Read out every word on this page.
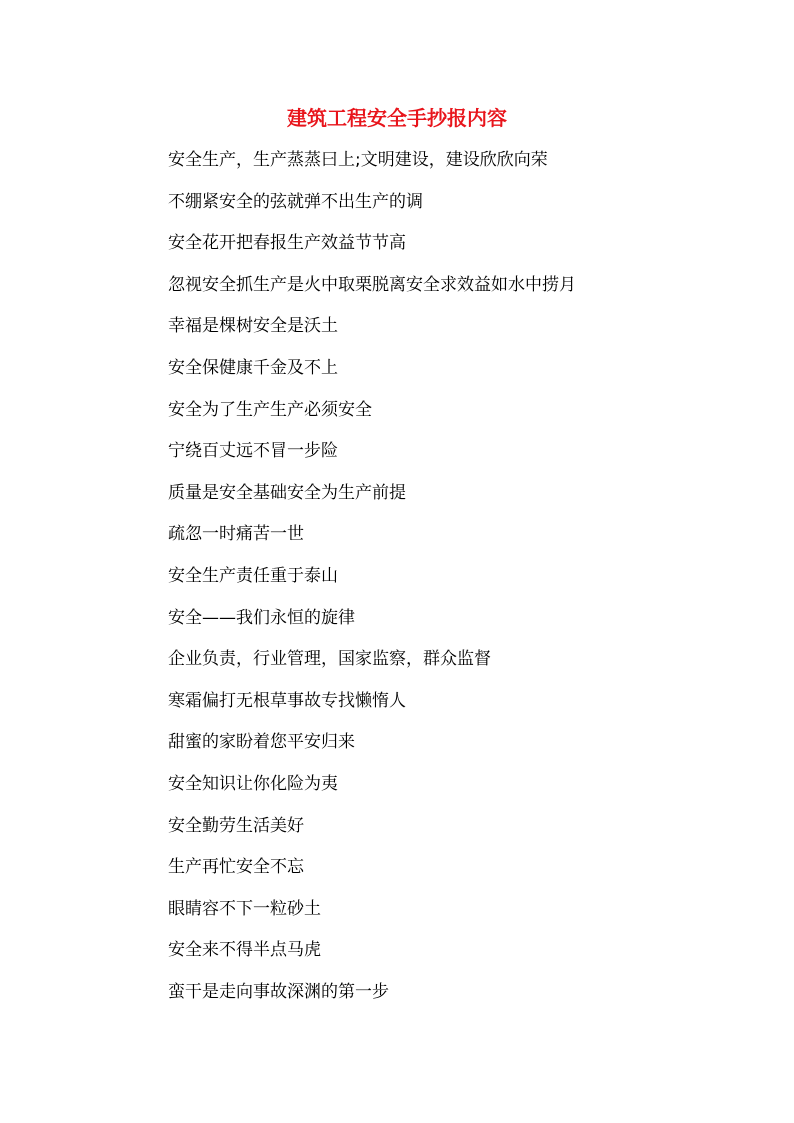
建筑工程安全手抄报内容
安全生产，生产蒸蒸曰上;文明建设，建设欣欣向荣
不绷紧安全的弦就弹不出生产的调
安全花开把春报生产效益节节高
忽视安全抓生产是火中取栗脱离安全求效益如水中捞月
幸福是棵树安全是沃土
安全保健康千金及不上
安全为了生产生产必须安全
宁绕百丈远不冒一步险
质量是安全基础安全为生产前提
疏忽一时痛苦一世
安全生产责任重于泰山
安全——我们永恒的旋律
企业负责，行业管理，国家监察，群众监督
寒霜偏打无根草事故专找懒惰人
甜蜜的家盼着您平安归来
安全知识让你化险为夷
安全勤劳生活美好
生产再忙安全不忘
眼睛容不下一粒砂土
安全来不得半点马虎
蛮干是走向事故深渊的第一步
